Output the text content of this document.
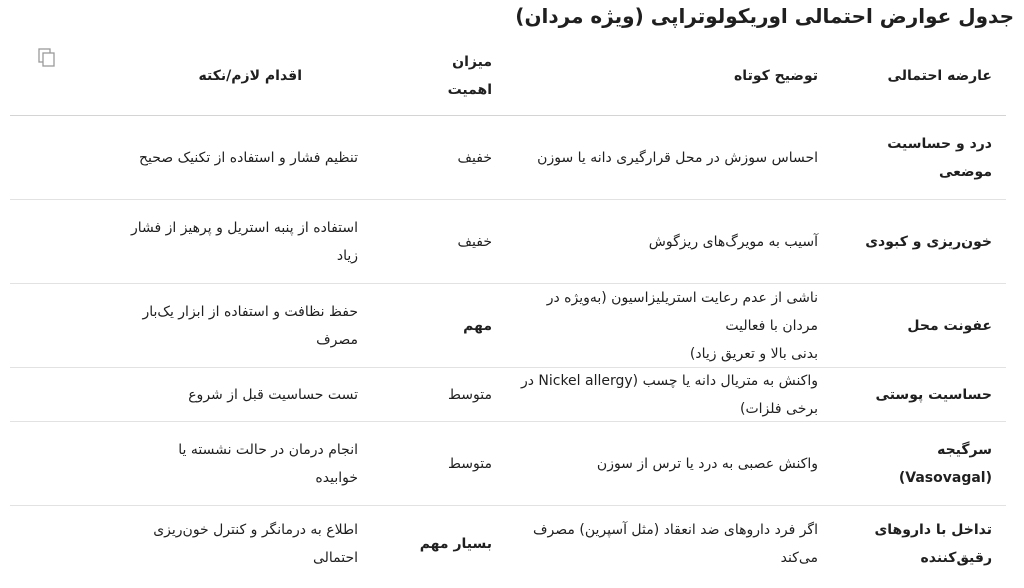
جدول عوارض احتمالی اوریکولوتراپی (ویژه مردان)
عارضه احتمالی
توضیح کوتاه
میزان
اهمیت
اقدام لازم/نکته
درد و حساسیت
موضعی
احساس سوزش در محل قرارگیری دانه یا سوزن
خفیف
تنظیم فشار و استفاده از تکنیک صحیح
خون‌ریزی و کبودی
آسیب به مویرگ‌های ریزگوش
خفیف
استفاده از پنبه استریل و پرهیز از فشار
زیاد
عفونت محل
ناشی از عدم رعایت استریلیزاسیون (به‌ویژه در مردان با فعالیت
بدنی بالا و تعریق زیاد)
مهم
حفظ نظافت و استفاده از ابزار یک‌بار
مصرف
حساسیت پوستی
واکنش به متریال دانه یا چسب (Nickel allergy در برخی فلزات)
متوسط
تست حساسیت قبل از شروع
سرگیجه (Vasovagal)
واکنش عصبی به درد یا ترس از سوزن
متوسط
انجام درمان در حالت نشسته یا
خوابیده
تداخل با داروهای
رقیق‌کننده
اگر فرد داروهای ضد انعقاد (مثل آسپرین) مصرف می‌کند
بسیار مهم
اطلاع به درمانگر و کنترل خون‌ریزی
احتمالی
